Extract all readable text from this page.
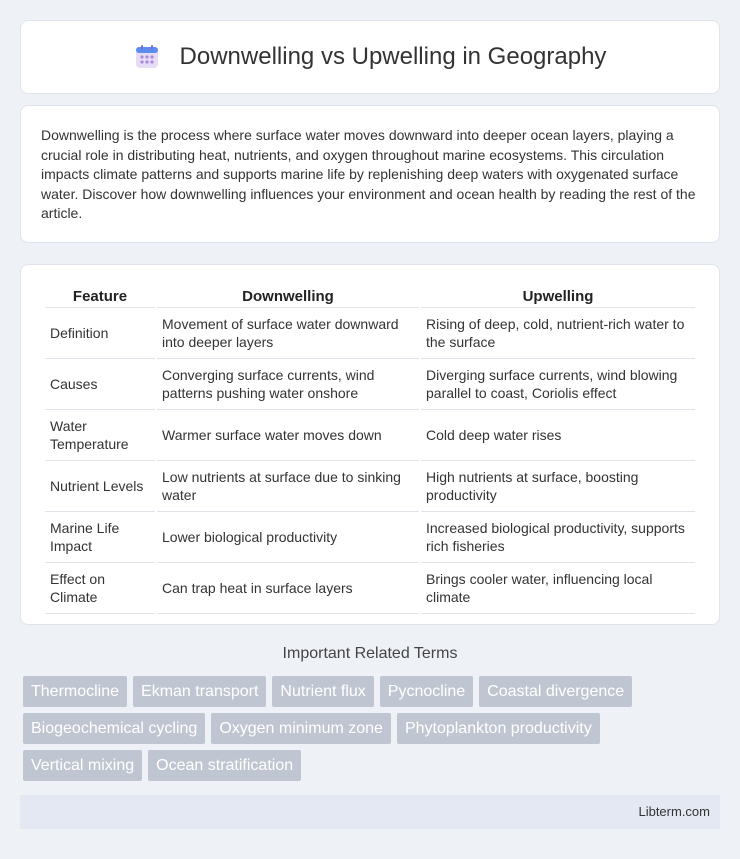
Downwelling vs Upwelling in Geography

Downwelling is the process where surface water moves downward into deeper ocean layers, playing a crucial role in distributing heat, nutrients, and oxygen throughout marine ecosystems. This circulation impacts climate patterns and supports marine life by replenishing deep waters with oxygenated surface water. Discover how downwelling influences your environment and ocean health by reading the rest of the article.

Feature	Downwelling	Upwelling
Definition	Movement of surface water downward into deeper layers	Rising of deep, cold, nutrient-rich water to the surface
Causes	Converging surface currents, wind patterns pushing water onshore	Diverging surface currents, wind blowing parallel to coast, Coriolis effect
Water Temperature	Warmer surface water moves down	Cold deep water rises
Nutrient Levels	Low nutrients at surface due to sinking water	High nutrients at surface, boosting productivity
Marine Life Impact	Lower biological productivity	Increased biological productivity, supports rich fisheries
Effect on Climate	Can trap heat in surface layers	Brings cooler water, influencing local climate
Important Related Terms
Thermocline	Ekman transport	Nutrient flux	Pycnocline	Coastal divergence
Biogeochemical cycling	Oxygen minimum zone	Phytoplankton productivity
Vertical mixing	Ocean stratification
Libterm.com
